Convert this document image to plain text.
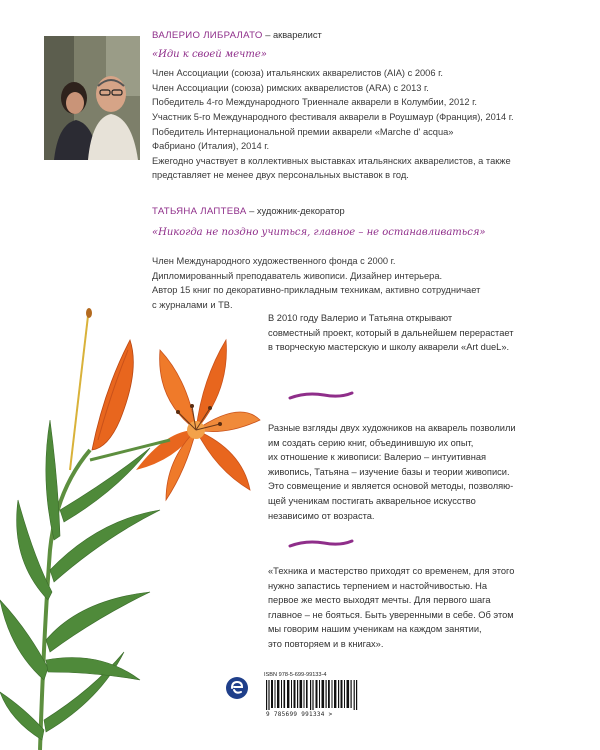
ВАЛЕРИО ЛИБРАЛАТО – акварелист
«Иди к своей мечте»
Член Ассоциации (союза) итальянских акварелистов (AIA) с 2006 г.
Член Ассоциации (союза) римских акварелистов (ARA) с 2013 г.
Победитель 4-го Международного Триеннале акварели в Колумбии, 2012 г.
Участник 5-го Международного фестиваля акварели в Роушмаур (Франция), 2014 г.
Победитель Интернациональной премии акварели «Marche d' acqua»
Фабриано (Италия), 2014 г.
Ежегодно участвует в коллективных выставках итальянских акварелистов, а также
представляет не менее двух персональных выставок в год.
ТАТЬЯНА ЛАПТЕВА – художник-декоратор
«Никогда не поздно учиться, главное – не останавливаться»
Член Международного художественного фонда с 2000 г.
Дипломированный преподаватель живописи. Дизайнер интерьера.
Автор 15 книг по декоративно-прикладным техникам, активно сотрудничает
с журналами и ТВ.
В 2010 году Валерио и Татьяна открывают
совместный проект, который в дальнейшем перерастает
в творческую мастерскую и школу акварели «Art dueL».
Разные взгляды двух художников на акварель позволили
им создать серию книг, объединившую их опыт,
их отношение к живописи: Валерио – интуитивная
живопись, Татьяна – изучение базы и теории живописи.
Это совмещение и является основой методы, позволяю-
щей ученикам постигать акварельное искусство
независимо от возраста.
«Техника и мастерство приходят со временем, для этого
нужно запастись терпением и настойчивостью. На
первое же место выходят мечты. Для первого шага
главное – не бояться. Быть уверенными в себе. Об этом
мы говорим нашим ученикам на каждом занятии,
это повторяем и в книгах».
ISBN 978-5-699-99133-4
9 785699 991334 >
